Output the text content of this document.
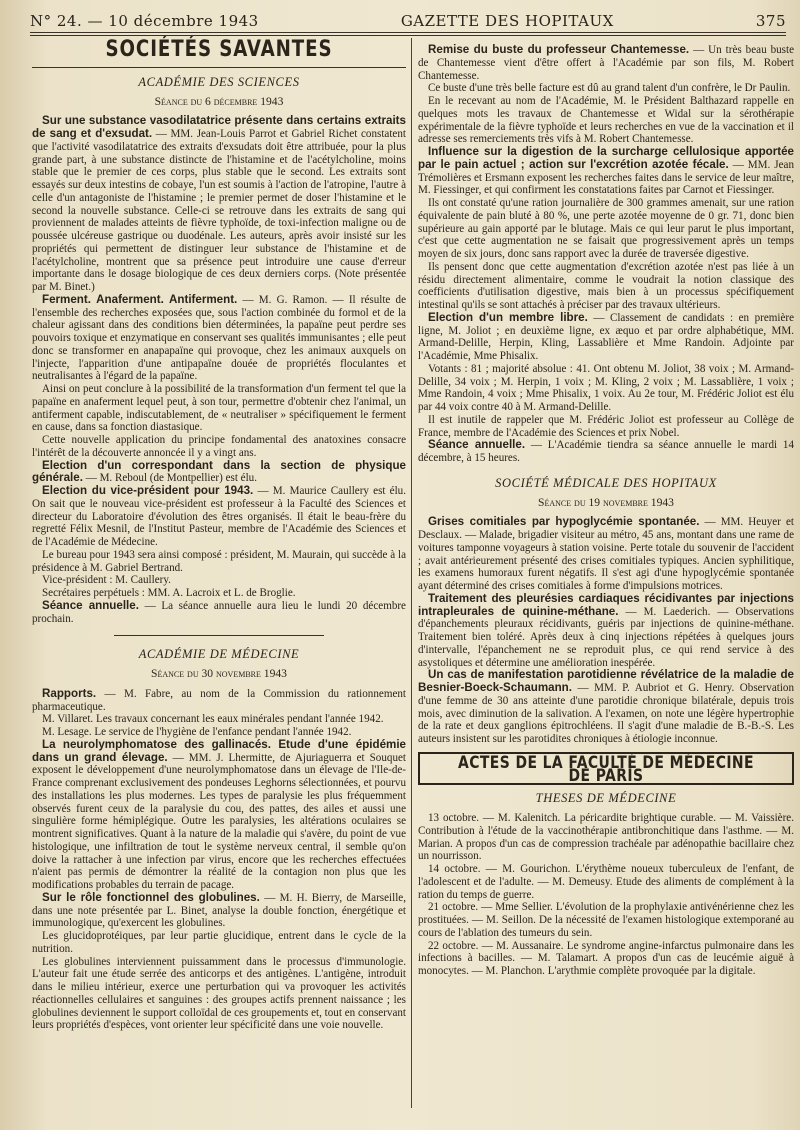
N° 24. — 10 décembre 1943	GAZETTE DES HOPITAUX	375
SOCIÉTÉS SAVANTES
ACADÉMIE DES SCIENCES
Séance du 6 décembre 1943

Sur une substance vasodilatatrice présente dans certains extraits de sang et d'exsudat. — MM. Jean-Louis Parrot et Gabriel Richet constatent que l'activité vasodilatatrice des extraits d'exsudats doit être attribuée, pour la plus grande part, à une substance distincte de l'histamine et de l'acétylcholine, moins stable que le premier de ces corps, plus stable que le second. Les extraits sont essayés sur deux intestins de cobaye, l'un est soumis à l'action de l'atropine, l'autre à celle d'un antagoniste de l'histamine ; le premier permet de doser l'histamine et le second la nouvelle substance. Celle-ci se retrouve dans les extraits de sang qui proviennent de malades atteints de fièvre typhoïde, de toxi-infection maligne ou de poussée ulcéreuse gastrique ou duodénale. Les auteurs, après avoir insisté sur les propriétés qui permettent de distinguer leur substance de l'histamine et de l'acétylcholine, montrent que sa présence peut introduire une cause d'erreur importante dans le dosage biologique de ces deux derniers corps. (Note présentée par M. Binet.)

Ferment. Anaferment. Antiferment. — M. G. Ramon. — Il résulte de l'ensemble des recherches exposées que, sous l'action combinée du formol et de la chaleur agissant dans des conditions bien déterminées, la papaïne peut perdre ses pouvoirs toxique et enzymatique en conservant ses qualités immunisantes ; elle peut donc se transformer en anapapaïne qui provoque, chez les animaux auxquels on l'injecte, l'apparition d'une antipapaïne douée de propriétés floculantes et neutralisantes à l'égard de la papaïne.

Ainsi on peut conclure à la possibilité de la transformation d'un ferment tel que la papaïne en anaferment lequel peut, à son tour, permettre d'obtenir chez l'animal, un antiferment capable, indiscutablement, de « neutraliser » spécifiquement le ferment en cause, dans sa fonction diastasique.

Cette nouvelle application du principe fondamental des anatoxines consacre l'intérêt de la découverte annoncée il y a vingt ans.

Election d'un correspondant dans la section de physique générale. — M. Reboul (de Montpellier) est élu.

Election du vice-président pour 1943. — M. Maurice Caullery est élu. On sait que le nouveau vice-président est professeur à la Faculté des Sciences et directeur du Laboratoire d'évolution des êtres organisés. Il était le beau-frère du regretté Félix Mesnil, de l'Institut Pasteur, membre de l'Académie des Sciences et de l'Académie de Médecine.

Le bureau pour 1943 sera ainsi composé : président, M. Maurain, qui succède à la présidence à M. Gabriel Bertrand.

Vice-président : M. Caullery.

Secrétaires perpétuels : MM. A. Lacroix et L. de Broglie.

Séance annuelle. — La séance annuelle aura lieu le lundi 20 décembre prochain.

ACADÉMIE DE MÉDECINE
Séance du 30 novembre 1943

Rapports. — M. Fabre, au nom de la Commission du rationnement pharmaceutique.

M. Villaret. Les travaux concernant les eaux minérales pendant l'année 1942.

M. Lesage. Le service de l'hygiène de l'enfance pendant l'année 1942.

La neurolymphomatose des gallinacés. Etude d'une épidémie dans un grand élevage. — MM. J. Lhermitte, de Ajuriaguerra et Souquet exposent le développement d'une neurolymphomatose dans un élevage de l'Ile-de-France comprenant exclusivement des pondeuses Leghorns sélectionnées, et pourvu des installations les plus modernes. Les types de paralysie les plus fréquemment observés furent ceux de la paralysie du cou, des pattes, des ailes et aussi une singulière forme hémiplégique. Outre les paralysies, les altérations oculaires se montrent significatives. Quant à la nature de la maladie qui s'avère, du point de vue histologique, une infiltration de tout le système nerveux central, il semble qu'on doive la rattacher à une infection par virus, encore que les recherches effectuées n'aient pas permis de démontrer la réalité de la contagion non plus que les modifications probables du terrain de pacage.

Sur le rôle fonctionnel des globulines. — M. H. Bierry, de Marseille, dans une note présentée par L. Binet, analyse la double fonction, énergétique et immunologique, qu'exercent les globulines.

Les glucidoprotéiques, par leur partie glucidique, entrent dans le cycle de la nutrition.

Les globulines interviennent puissamment dans le processus d'immunologie. L'auteur fait une étude serrée des anticorps et des antigènes. L'antigène, introduit dans le milieu intérieur, exerce une perturbation qui va provoquer les activités réactionnelles cellulaires et sanguines : des groupes actifs prennent naissance ; les globulines deviennent le support colloïdal de ces groupements et, tout en conservant leurs propriétés d'espèces, vont orienter leur spécificité dans une voie nouvelle.

Remise du buste du professeur Chantemesse. — Un très beau buste de Chantemesse vient d'être offert à l'Académie par son fils, M. Robert Chantemesse.

Ce buste d'une très belle facture est dû au grand talent d'un confrère, le Dr Paulin.

En le recevant au nom de l'Académie, M. le Président Balthazard rappelle en quelques mots les travaux de Chantemesse et Widal sur la sérothérapie expérimentale de la fièvre typhoïde et leurs recherches en vue de la vaccination et il adresse ses remerciements très vifs à M. Robert Chantemesse.

Influence sur la digestion de la surcharge cellulosique apportée par le pain actuel ; action sur l'excrétion azotée fécale. — MM. Jean Trémolières et Ersmann exposent les recherches faites dans le service de leur maître, M. Fiessinger, et qui confirment les constatations faites par Carnot et Fiessinger.

Ils ont constaté qu'une ration journalière de 300 grammes amenait, sur une ration équivalente de pain bluté à 80 %, une perte azotée moyenne de 0 gr. 71, donc bien supérieure au gain apporté par le blutage. Mais ce qui leur parut le plus important, c'est que cette augmentation ne se faisait que progressivement après un temps moyen de six jours, donc sans rapport avec la durée de traversée digestive.

Ils pensent donc que cette augmentation d'excrétion azotée n'est pas liée à un résidu directement alimentaire, comme le voudrait la notion classique des coefficients d'utilisation digestive, mais bien à un processus spécifiquement intestinal qu'ils se sont attachés à préciser par des travaux ultérieurs.

Election d'un membre libre. — Classement de candidats : en première ligne, M. Joliot ; en deuxième ligne, ex æquo et par ordre alphabétique, MM. Armand-Delille, Herpin, Kling, Lassablière et Mme Randoin. Adjointe par l'Académie, Mme Phisalix.

Votants : 81 ; majorité absolue : 41. Ont obtenu M. Joliot, 38 voix ; M. Armand-Delille, 34 voix ; M. Herpin, 1 voix ; M. Kling, 2 voix ; M. Lassablière, 1 voix ; Mme Randoin, 4 voix ; Mme Phisalix, 1 voix. Au 2e tour, M. Frédéric Joliot est élu par 44 voix contre 40 à M. Armand-Delille.

Il est inutile de rappeler que M. Frédéric Joliot est professeur au Collège de France, membre de l'Académie des Sciences et prix Nobel.

Séance annuelle. — L'Académie tiendra sa séance annuelle le mardi 14 décembre, à 15 heures.

SOCIÉTÉ MÉDICALE DES HOPITAUX
Séance du 19 novembre 1943

Grises comitiales par hypoglycémie spontanée. — MM. Heuyer et Desclaux. — Malade, brigadier visiteur au métro, 45 ans, montant dans une rame de voitures tamponne voyageurs à station voisine. Perte totale du souvenir de l'accident ; avait antérieurement présenté des crises comitiales typiques. Ancien syphilitique, les examens humoraux furent négatifs. Il s'est agi d'une hypoglycémie spontanée ayant déterminé des crises comitiales à forme d'impulsions motrices.

Traitement des pleurésies cardiaques récidivantes par injections intrapleurales de quinine-méthane. — M. Laederich. — Observations d'épanchements pleuraux récidivants, guéris par injections de quinine-méthane. Traitement bien toléré. Après deux à cinq injections répétées à quelques jours d'intervalle, l'épanchement ne se reproduit plus, ce qui rend service à des asystoliques et détermine une amélioration inespérée.

Un cas de manifestation parotidienne révélatrice de la maladie de Besnier-Boeck-Schaumann. — MM. P. Aubriot et G. Henry. Observation d'une femme de 30 ans atteinte d'une parotidie chronique bilatérale, depuis trois mois, avec diminution de la salivation. A l'examen, on note une légère hypertrophie de la rate et deux ganglions épitrochléens. Il s'agit d'une maladie de B.-B.-S. Les auteurs insistent sur les parotidites chroniques à étiologie inconnue.

ACTES DE LA FACULTÉ DE MÉDECINE DE PARIS
THESES DE MÉDECINE

13 octobre. — M. Kalenitch. La péricardite brightique curable. — M. Vaissière. Contribution à l'étude de la vaccinothérapie antibronchitique dans l'asthme. — M. Marian. A propos d'un cas de compression trachéale par adénopathie bacillaire chez un nourrisson.

14 octobre. — M. Gourichon. L'érythème noueux tuberculeux de l'enfant, de l'adolescent et de l'adulte. — M. Demeusy. Etude des aliments de complément à la ration du temps de guerre.

21 octobre. — Mme Sellier. L'évolution de la prophylaxie antivénérienne chez les prostituées. — M. Seillon. De la nécessité de l'examen histologique extemporané au cours de l'ablation des tumeurs du sein.

22 octobre. — M. Aussanaire. Le syndrome angine-infarctus pulmonaire dans les infections à bacilles. — M. Talamart. A propos d'un cas de leucémie aiguë à monocytes. — M. Planchon. L'arythmie complète provoquée par la digitale.
